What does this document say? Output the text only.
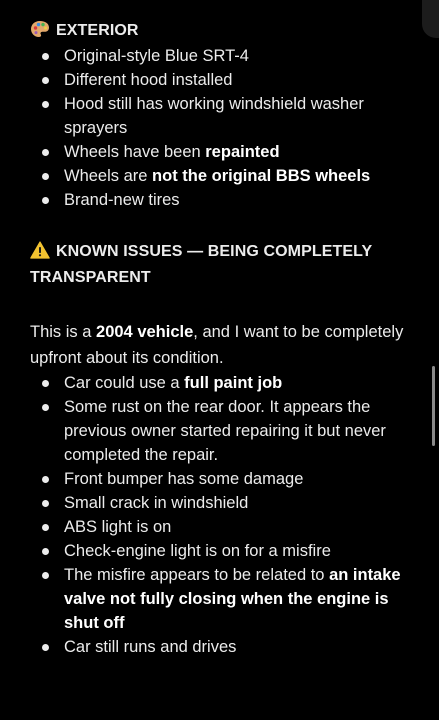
EXTERIOR
Original-style Blue SRT-4
Different hood installed
Hood still has working windshield washer sprayers
Wheels have been repainted
Wheels are not the original BBS wheels
Brand-new tires
KNOWN ISSUES — BEING COMPLETELY TRANSPARENT

This is a 2004 vehicle, and I want to be completely upfront about its condition.

Car could use a full paint job
Some rust on the rear door. It appears the previous owner started repairing it but never completed the repair.
Front bumper has some damage
Small crack in windshield
ABS light is on
Check-engine light is on for a misfire
The misfire appears to be related to an intake valve not fully closing when the engine is shut off
Car still runs and drives
